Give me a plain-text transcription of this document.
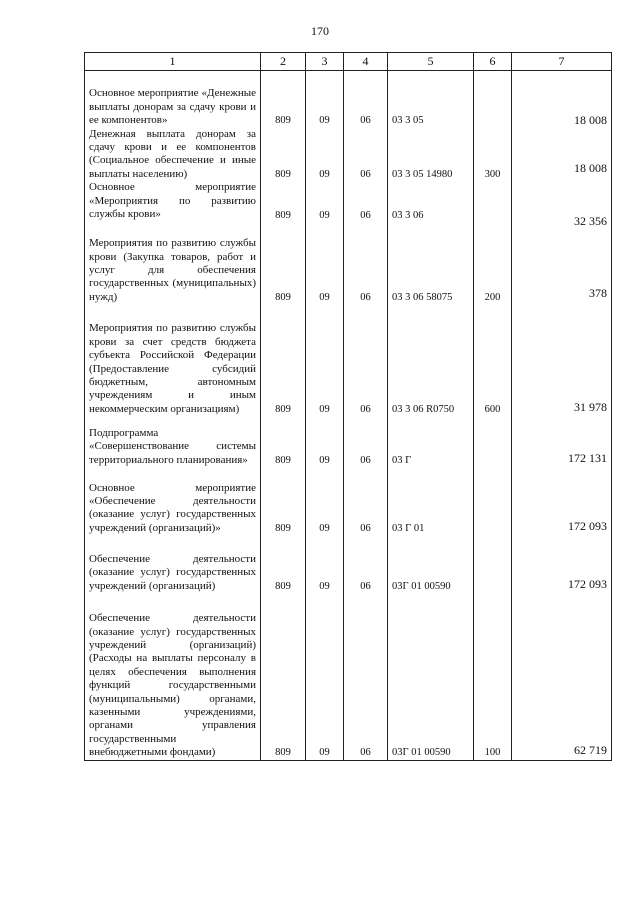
170
1	2	3	4	5	6	7

Основное мероприятие «Денежные выплаты донорам за сдачу крови и ее компонентов»	809	09	06	03 3 05		18 008

Денежная выплата донорам за сдачу крови и ее компонентов (Социальное обеспечение и иные выплаты населению)	809	09	06	03 3 05 14980	300	18 008

Основное мероприятие «Мероприятия по развитию службы крови»	809	09	06	03 3 06		32 356

Мероприятия по развитию службы крови (Закупка товаров, работ и услуг для обеспечения государственных (муниципальных) нужд)	809	09	06	03 3 06 58075	200	378

Мероприятия по развитию службы крови за счет средств бюджета субъекта Российской Федерации (Предоставление субсидий бюджетным, автономным учреждениям и иным некоммерческим организациям)	809	09	06	03 3 06 R0750	600	31 978

Подпрограмма «Совершенствование системы территориального планирования»	809	09	06	03 Г		172 131

Основное мероприятие «Обеспечение деятельности (оказание услуг) государственных учреждений (организаций)»	809	09	06	03 Г 01		172 093

Обеспечение деятельности (оказание услуг) государственных учреждений (организаций)	809	09	06	03Г 01 00590		172 093

Обеспечение деятельности (оказание услуг) государственных учреждений (организаций) (Расходы на выплаты персоналу в целях обеспечения выполнения функций государственными (муниципальными) органами, казенными учреждениями, органами управления государственными внебюджетными фондами)	809	09	06	03Г 01 00590	100	62 719
